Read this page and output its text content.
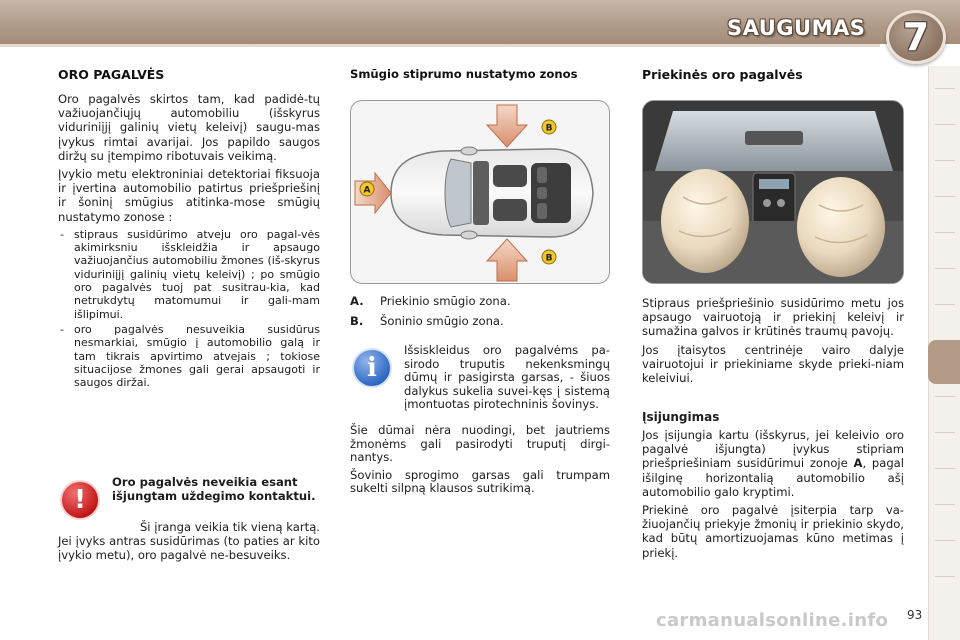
SAUGUMAS 7
ORO PAGALVĖS

Oro pagalvės skirtos tam, kad padidė-tų važiuojančiųjų automobiliu (išskyrus viduriniįjį galinių vietų keleivį) saugu-mas įvykus rimtai avarijai. Jos papildo saugos diržų su įtempimo ribotuvais veikimą.

Įvykio metu elektroniniai detektoriai fiksuoja ir įvertina automobilio patirtus priešpriešinį ir šoninį smūgius atitinka-mose smūgių nustatymo zonose :

- stipraus susidūrimo atveju oro pagal-vės akimirksniu išskleidžia ir apsaugo važiuojančius automobiliu žmones (iš-skyrus viduriniįjį galinių vietų keleivį) ; po smūgio oro pagalvės tuoj pat susitrau-kia, kad netrukdytų matomumui ir gali-mam išlipimui.
- oro pagalvės nesuveikia susidūrus nesmarkiai, smūgio į automobilio galą ir tam tikrais apvirtimo atvejais ; tokiose situacijose žmones gali gerai apsaugoti ir saugos diržai.
!
Oro pagalvės neveikia esant išjungtam uždegimo kontaktui.
Ši įranga veikia tik vieną kartą.
Jei įvyks antras susidūrimas (to paties ar kito įvykio metu), oro pagalvė ne-besuveiks.
Smūgio stiprumo nustatymo zonos
A
B
B

A. Priekinio smūgio zona.

B. Šoninio smūgio zona.

i
Išsiskleidus oro pagalvėms pa-sirodo truputis nekenksmingų dūmų ir pasigirsta garsas, - šiuos dalykus sukelia suvei-kęs į sistemą įmontuotas pirotechninis šovinys.

Šie dūmai nėra nuodingi, bet jautriems žmonėms gali pasirodyti truputį dirgi-nantys.

Šovinio sprogimo garsas gali trumpam sukelti silpną klausos sutrikimą.

Priekinės oro pagalvės

Stipraus priešpriešinio susidūrimo metu jos apsaugo vairuotoją ir priekinį keleivį ir sumažina galvos ir krūtinės traumų pavojų.

Jos įtaisytos centrinėje vairo dalyje vairuotojui ir priekiniame skyde prieki-niam keleiviui.

Įsijungimas

Jos įsijungia kartu (išskyrus, jei keleivio oro pagalvė išjungta) įvykus stipriam priešpriešiniam susidūrimui zonoje A, pagal išilginę horizontalią automobilio ašį automobilio galo kryptimi.

Priekinė oro pagalvė įsiterpia tarp va-žiuojančių priekyje žmonių ir priekinio skydo, kad būtų amortizuojamas kūno metimas į priekį.

carmanualsonline.info 93
